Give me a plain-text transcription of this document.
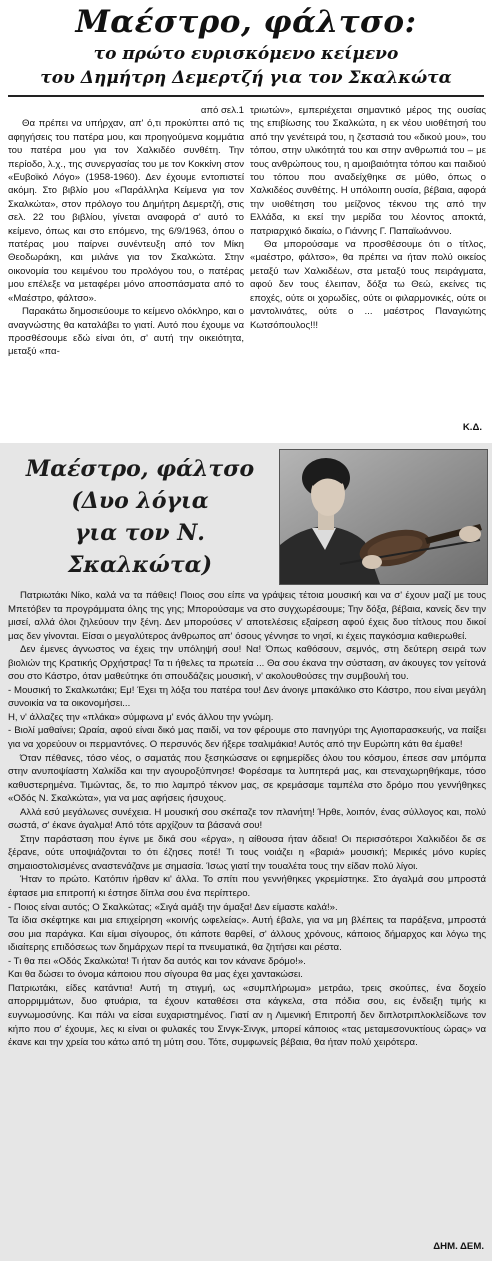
Μαέστρο, φάλτσο:
το πρώτο ευρισκόμενο κείμενο
του Δημήτρη Δεμερτζή για τον Σκαλκώτα

από σελ.1

Θα πρέπει να υπήρχαν, απ' ό,τι προκύπτει από τις αφηγήσεις του πατέρα μου, και προηγούμενα κομμάτια του πατέρα μου για τον Χαλκιδέο συνθέτη. Την περίοδο, λ.χ., της συνεργασίας του με τον Κοκκίνη στον «Ευβοϊκό Λόγο» (1958-1960). Δεν έχουμε εντοπιστεί ακόμη. Στο βιβλίο μου «Παράλληλα Κείμενα για τον Σκαλκώτα», στον πρόλογο του Δημήτρη Δεμερτζή, στις σελ. 22 του βιβλίου, γίνεται αναφορά σ' αυτό το κείμενο, όπως και στο επόμενο, της 6/9/1963, όπου ο πατέρας μου παίρνει συνέντευξη από τον Μίκη Θεοδωράκη, και μιλάνε για τον Σκαλκώτα. Στην οικονομία του κειμένου του προλόγου του, ο πατέρας μου επέλεξε να μεταφέρει μόνο αποσπάσματα από το «Μαέστρο, φάλτσο».

Παρακάτω δημοσιεύουμε το κείμενο ολόκληρο, και ο αναγνώστης θα καταλάβει το γιατί. Αυτό που έχουμε να προσθέσουμε εδώ είναι ότι, σ' αυτή την οικειότητα, μεταξύ «πα-

τριωτών», εμπεριέχεται σημαντικό μέρος της ουσίας της επιβίωσης του Σκαλκώτα, η εκ νέου υιοθέτησή του από την γενέτειρά του, η ζεστασιά του «δικού μου», του τόπου, στην υλικότητά του και στην ανθρωπιά του – με τους ανθρώπους του, η αμοιβαιότητα τόπου και παιδιού του τόπου που αναδείχθηκε σε μύθο, όπως ο Χαλκιδέος συνθέτης. Η υπόλοιπη ουσία, βέβαια, αφορά την υιοθέτηση του μείζονος τέκνου της από την Ελλάδα, κι εκεί την μερίδα του λέοντος αποκτά, πατριαρχικό δικαίω, ο Γιάννης Γ. Παπαϊωάννου.

Θα μπορούσαμε να προσθέσουμε ότι ο τίτλος, «μαέστρο, φάλτσο», θα πρέπει να ήταν πολύ οικείος μεταξύ των Χαλκιδέων, στα μεταξύ τους πειράγματα, αφού δεν τους έλειπαν, δόξα τω Θεώ, εκείνες τις εποχές, ούτε οι χορωδίες, ούτε οι φιλαρμονικές, ούτε οι μαντολινάτες, ούτε ο ... μαέστρος Παναγιώτης Κωτσόπουλος!!!

Κ.Δ.
Μαέστρο, φάλτσο
(Δυο λόγια
για τον Ν. Σκαλκώτα)

Πατριωτάκι Νίκο, καλά να τα πάθεις! Ποιος σου είπε να γράψεις τέτοια μουσική και να σ' έχουν μαζί με τους Μπετόβεν τα προγράμματα όλης της γης; Μπορούσαμε να στο συγχωρέσουμε; Την δόξα, βέβαια, κανείς δεν την μισεί, αλλά όλοι ζηλεύουν την ξένη. Δεν μπορούσες ν' αποτελέσεις εξαίρεση αφού έχεις δυο τίτλους που δικοί μας δεν γίνονται. Είσαι ο μεγαλύτερος άνθρωπος απ' όσους γέννησε το νησί, κι έχεις παγκόσμια καθιερωθεί.

Δεν έμενες άγνωστος να έχεις την υπόληψή σου! Να! Όπως καθόσουν, σεμνός, στη δεύτερη σειρά των βιολιών της Κρατικής Ορχήστρας! Τα τι ήθελες τα πρωτεία ... Θα σου έκανα την σύσταση, αν άκουγες τον γείτονά σου στο Κάστρο, όταν μαθεύτηκε ότι σπουδάζεις μουσική, ν' ακολουθούσες την συμβουλή του.

- Μουσική το Σκαλκωτάκι; Εμ! Έχει τη λόξα του πατέρα του! Δεν άνοιγε μπακάλικο στο Κάστρο, που είναι μεγάλη συνοικία να τα οικονομήσει...

Η, ν' άλλαζες την «πλάκα» σύμφωνα μ' ενός άλλου την γνώμη.

- Βιολί μαθαίνει; Ωραία, αφού είναι δικό μας παιδί, να τον φέρουμε στο πανηγύρι της Αγιοπαρασκευής, να παίξει για να χορεύουν οι περμαντόνες. Ο περσυνός δεν ήξερε τσαλιμάκια! Αυτός από την Ευρώπη κάτι θα έμαθε!

Όταν πέθανες, τόσο νέος, ο σαματάς που ξεσηκώσανε οι εφημερίδες όλου του κόσμου, έπεσε σαν μπόμπα στην ανυποψίαστη Χαλκίδα και την αγουροξύπνησε! Φορέσαμε τα λυπητερά μας, και στεναχωρηθήκαμε, τόσο καθυστερημένα. Τιμώντας, δε, το πιο λαμπρό τέκνον μας, σε κρεμάσαμε ταμπέλα στο δρόμο που γεννήθηκες «Οδός Ν. Σκαλκώτα», για να μας αφήσεις ήσυχους.

Αλλά εσύ μεγάλωνες συνέχεια. Η μουσική σου σκέπαζε τον πλανήτη! Ήρθε, λοιπόν, ένας σύλλογος και, πολύ σωστά, σ' έκανε άγαλμα! Από τότε αρχίζουν τα βάσανά σου!

Στην παράσταση που έγινε με δικά σου «έργα», η αίθουσα ήταν άδεια! Οι περισσότεροι Χαλκιδέοι δε σε ξέρανε, ούτε υποψιάζονται το ότι έζησες ποτέ! Τι τους νοιάζει η «βαριά» μουσική; Μερικές μόνο κυρίες σημαιοστολισμένες αναστενάζανε με σημασία. Ίσως γιατί την τουαλέτα τους την είδαν πολύ λίγοι.

Ήταν το πρώτο. Κατόπιν ήρθαν κι' άλλα. Το σπίτι που γεννήθηκες γκρεμίστηκε. Στο άγαλμά σου μπροστά έφτασε μια επιτροπή κι έστησε δίπλα σου ένα περίπτερο.

- Ποιος είναι αυτός; Ο Σκαλκώτας; «Σιγά αμάξι την άμαξα! Δεν είμαστε καλά!».

Τα ίδια σκέφτηκε και μια επιχείρηση «κοινής ωφελείας». Αυτή έβαλε, για να μη βλέπεις τα παράξενα, μπροστά σου μια παράγκα. Και είμαι σίγουρος, ότι κάποτε θαρθεί, σ' άλλους χρόνους, κάποιος δήμαρχος και λόγω της ιδιαίτερης επιδόσεως των δημάρχων περί τα πνευματικά, θα ζητήσει και ρέστα.

- Τι θα πει «Οδός Σκαλκώτα! Τι ήταν δα αυτός και τον κάνανε δρόμο!».

Και θα δώσει το όνομα κάποιου που σίγουρα θα μας έχει χαντακώσει.

Πατριωτάκι, είδες κατάντια! Αυτή τη στιγμή, ως «συμπλήρωμα» μετράω, τρεις σκούπες, ένα δοχείο απορριμμάτων, δυο φτυάρια, τα έχουν καταθέσει στα κάγκελα, στα πόδια σου, εις ένδειξη τιμής κι ευγνωμοσύνης. Και πάλι να είσαι ευχαριστημένος. Γιατί αν η Λιμενική Επιτροπή δεν διπλοτριπλοκλείδωνε τον κήπο που σ' έχουμε, λες κι είναι οι φυλακές του Σινγκ-Σινγκ, μπορεί κάποιος «τας μεταμεσονυκτίους ώρας» να έκανε και την χρεία του κάτω από τη μύτη σου. Τότε, συμφωνείς βέβαια, θα ήταν πολύ χειρότερα.

ΔΗΜ. ΔΕΜ.
